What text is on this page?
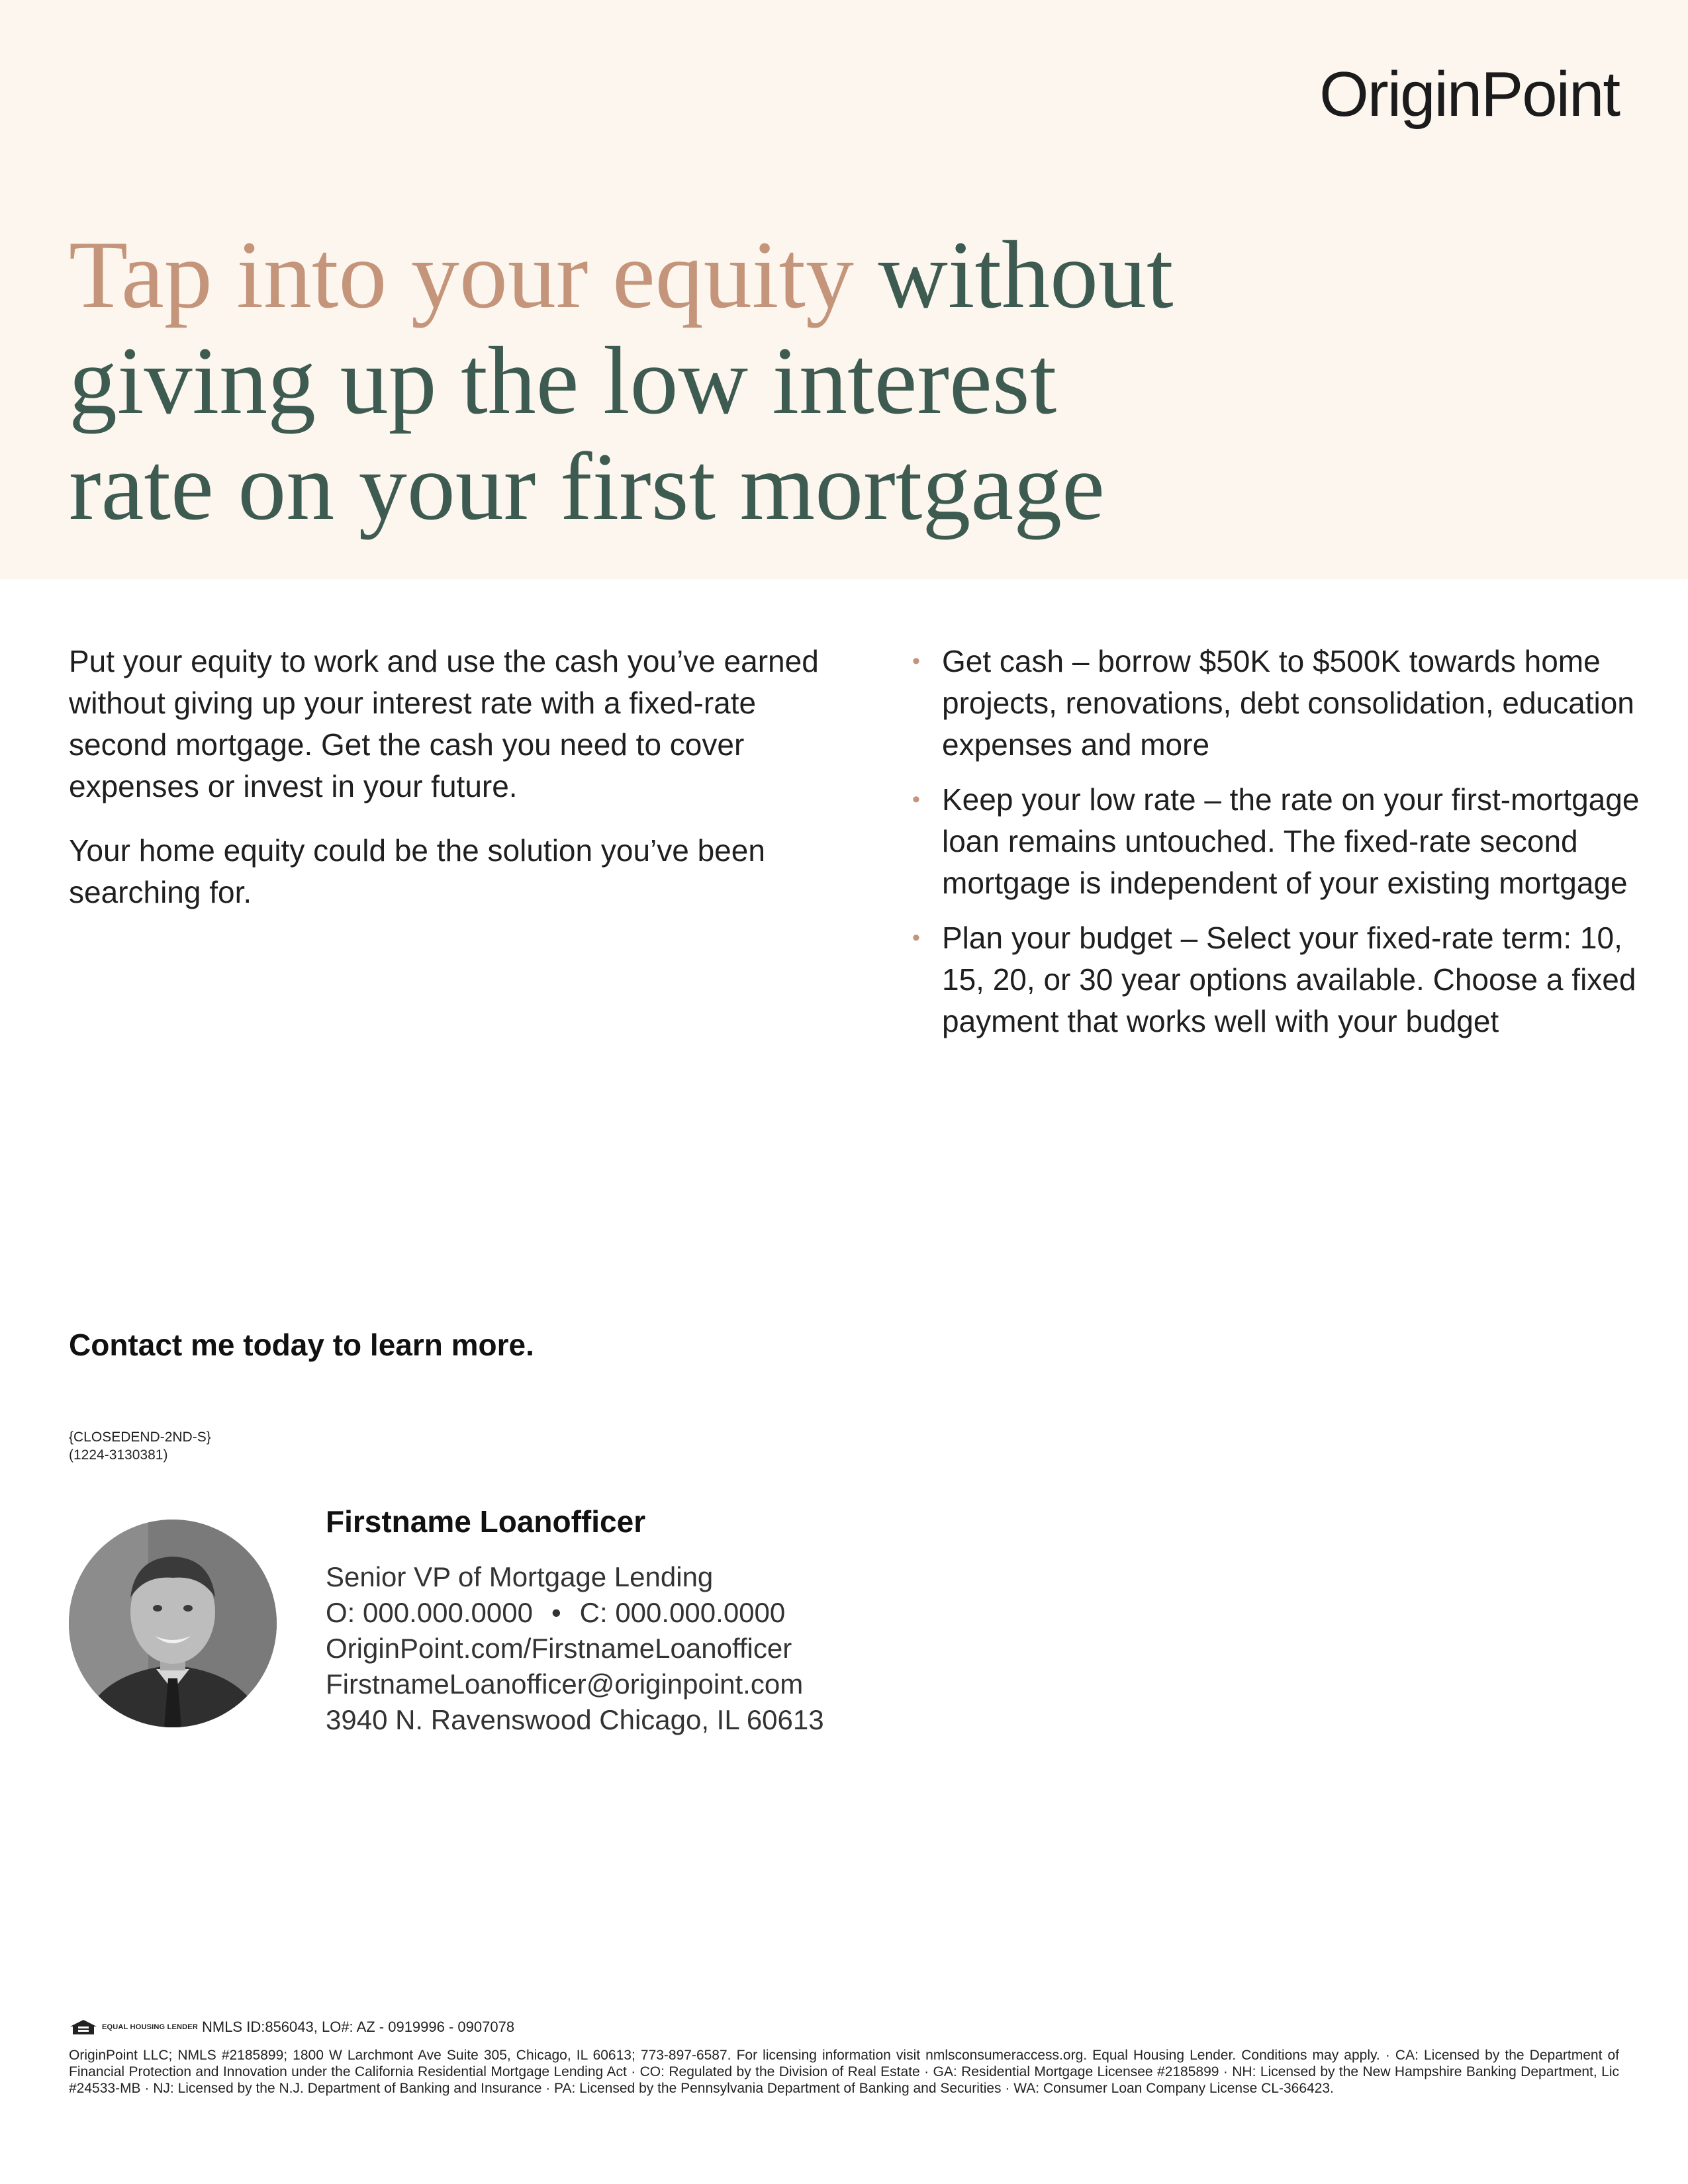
OriginPoint
Tap into your equity without
giving up the low interest
rate on your first mortgage

Put your equity to work and use the cash you’ve earned without giving up your interest rate with a fixed-rate second mortgage. Get the cash you need to cover expenses or invest in your future.

Your home equity could be the solution you’ve been searching for.

• Get cash – borrow $50K to $500K towards home projects, renovations, debt consolidation, education expenses and more
• Keep your low rate – the rate on your first-mortgage loan remains untouched. The fixed-rate second mortgage is independent of your existing mortgage
• Plan your budget – Select your fixed-rate term: 10, 15, 20, or 30 year options available. Choose a fixed payment that works well with your budget
Contact me today to learn more.
{CLOSEDEND-2ND-S}
(1224-3130381)
Firstname Loanofficer
Senior VP of Mortgage Lending
O: 000.000.0000 • C: 000.000.0000
OriginPoint.com/FirstnameLoanofficer
FirstnameLoanofficer@originpoint.com
3940 N. Ravenswood Chicago, IL 60613
EQUAL HOUSING LENDER NMLS ID:856043, LO#: AZ - 0919996 - 0907078
OriginPoint LLC; NMLS #2185899; 1800 W Larchmont Ave Suite 305, Chicago, IL 60613; 773-897-6587. For licensing information visit nmlsconsumeraccess.org. Equal Housing Lender. Conditions may apply. · CA: Licensed by the Department of Financial Protection and Innovation under the California Residential Mortgage Lending Act · CO: Regulated by the Division of Real Estate · GA: Residential Mortgage Licensee #2185899 · NH: Licensed by the New Hampshire Banking Department, Lic #24533-MB · NJ: Licensed by the N.J. Department of Banking and Insurance · PA: Licensed by the Pennsylvania Department of Banking and Securities · WA: Consumer Loan Company License CL-366423.
